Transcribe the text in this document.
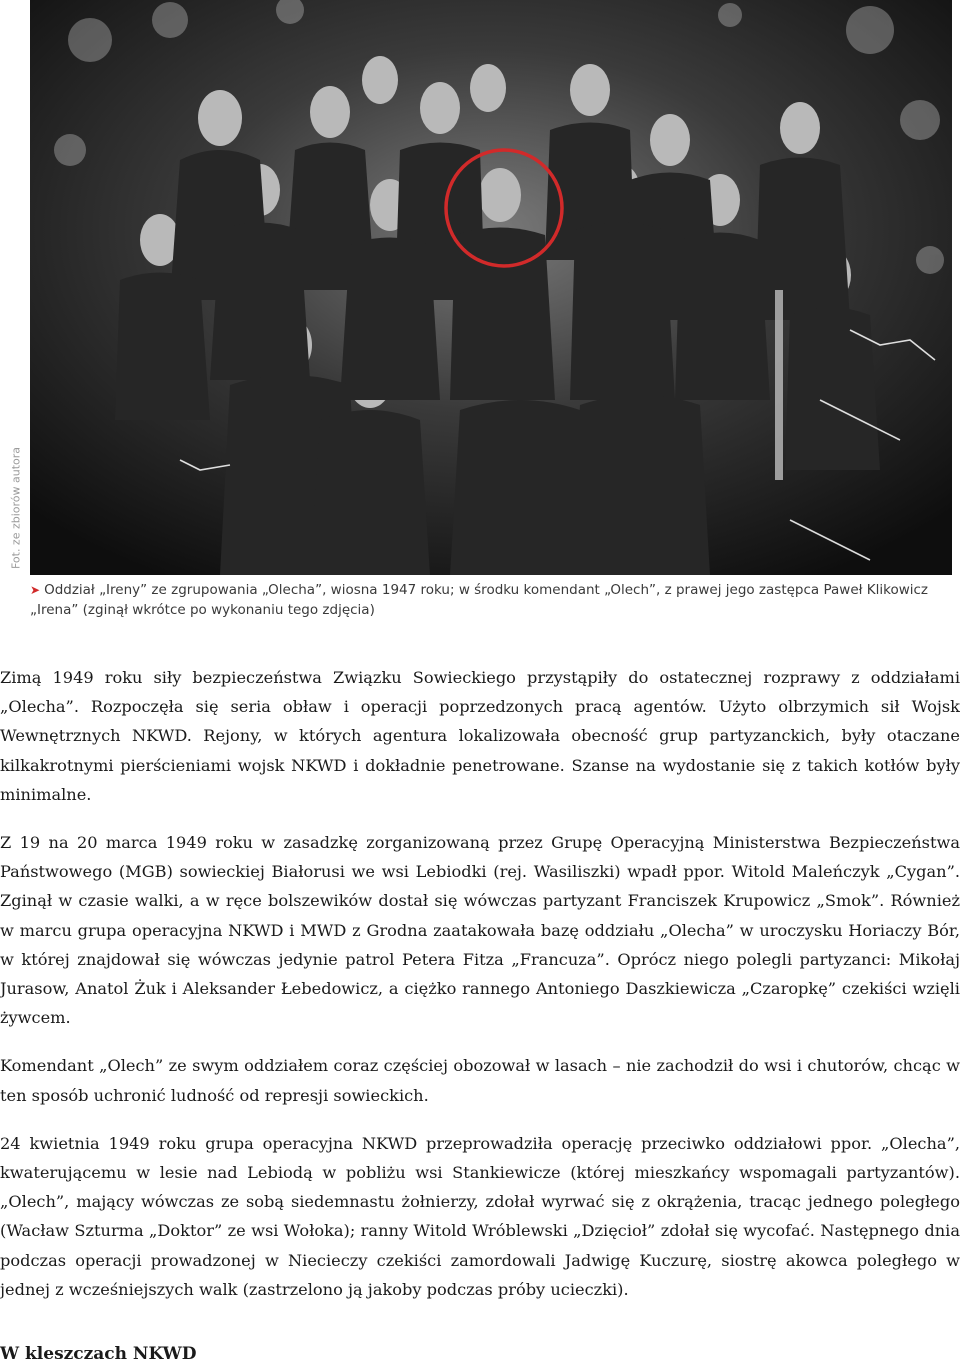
Fot. ze zbiorów autora
➤ Oddział „Ireny” ze zgrupowania „Olecha”, wiosna 1947 roku; w środku komendant „Olech”, z prawej jego zastępca Paweł Klikowicz „Irena” (zginął wkrótce po wykonaniu tego zdjęcia)

Zimą 1949 roku siły bezpieczeństwa Związku Sowieckiego przystąpiły do ostatecznej rozprawy z oddziałami „Olecha”. Rozpoczęła się seria obław i operacji poprzedzonych pracą agentów. Użyto olbrzymich sił Wojsk Wewnętrznych NKWD. Rejony, w których agentura lokalizowała obecność grup partyzanckich, były otaczane kilkakrotnymi pierścieniami wojsk NKWD i dokładnie penetrowane. Szanse na wydostanie się z takich kotłów były minimalne.

Z 19 na 20 marca 1949 roku w zasadzkę zorganizowaną przez Grupę Operacyjną Ministerstwa Bezpieczeństwa Państwowego (MGB) sowieckiej Białorusi we wsi Lebiodki (rej. Wasiliszki) wpadł ppor. Witold Maleńczyk „Cygan”. Zginął w czasie walki, a w ręce bolszewików dostał się wówczas partyzant Franciszek Krupowicz „Smok”. Również w marcu grupa operacyjna NKWD i MWD z Grodna zaatakowała bazę oddziału „Olecha” w uroczysku Horiaczy Bór, w której znajdował się wówczas jedynie patrol Petera Fitza „Francuza”. Oprócz niego polegli partyzanci: Mikołaj Jurasow, Anatol Żuk i Aleksander Łebedowicz, a ciężko rannego Antoniego Daszkiewicza „Czaropkę” czekiści wzięli żywcem.

Komendant „Olech” ze swym oddziałem coraz częściej obozował w lasach – nie zachodził do wsi i chutorów, chcąc w ten sposób uchronić ludność od represji sowieckich.

24 kwietnia 1949 roku grupa operacyjna NKWD przeprowadziła operację przeciwko oddziałowi ppor. „Olecha”, kwaterującemu w lesie nad Lebiodą w pobliżu wsi Stankiewicze (której mieszkańcy wspomagali partyzantów). „Olech”, mający wówczas ze sobą siedemnastu żołnierzy, zdołał wyrwać się z okrążenia, tracąc jednego poległego (Wacław Szturma „Doktor” ze wsi Wołoka); ranny Witold Wróblewski „Dzięcioł” zdołał się wycofać. Następnego dnia podczas operacji prowadzonej w Niecieczy czekiści zamordowali Jadwigę Kuczurę, siostrę akowca poległego w jednej z wcześniejszych walk (zastrzelono ją jakoby podczas próby ucieczki).

W kleszczach NKWD
